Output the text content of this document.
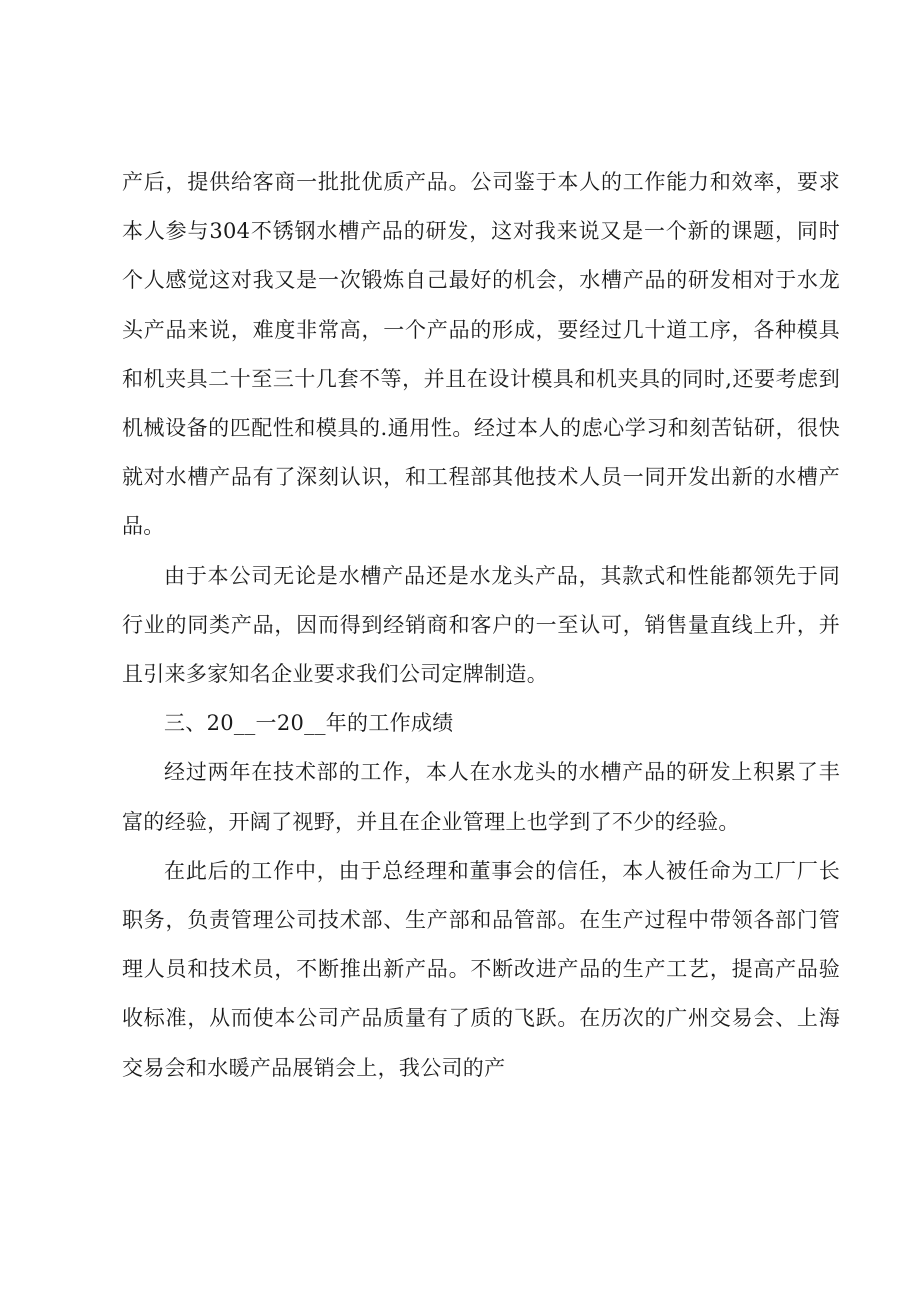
产后，提供给客商一批批优质产品。公司鉴于本人的工作能力和效率，要求本人参与304不锈钢水槽产品的研发，这对我来说又是一个新的课题，同时个人感觉这对我又是一次锻炼自己最好的机会，水槽产品的研发相对于水龙头产品来说，难度非常高，一个产品的形成，要经过几十道工序，各种模具和机夹具二十至三十几套不等，并且在设计模具和机夹具的同时,还要考虑到机械设备的匹配性和模具的.通用性。经过本人的虑心学习和刻苦钻研，很快就对水槽产品有了深刻认识，和工程部其他技术人员一同开发出新的水槽产品。

由于本公司无论是水槽产品还是水龙头产品，其款式和性能都领先于同行业的同类产品，因而得到经销商和客户的一至认可，销售量直线上升，并且引来多家知名企业要求我们公司定牌制造。

三、20__一20__年的工作成绩

经过两年在技术部的工作，本人在水龙头的水槽产品的研发上积累了丰富的经验，开阔了视野，并且在企业管理上也学到了不少的经验。

在此后的工作中，由于总经理和董事会的信任，本人被任命为工厂厂长职务，负责管理公司技术部、生产部和品管部。在生产过程中带领各部门管理人员和技术员，不断推出新产品。不断改进产品的生产工艺，提高产品验收标准，从而使本公司产品质量有了质的飞跃。在历次的广州交易会、上海交易会和水暖产品展销会上，我公司的产
